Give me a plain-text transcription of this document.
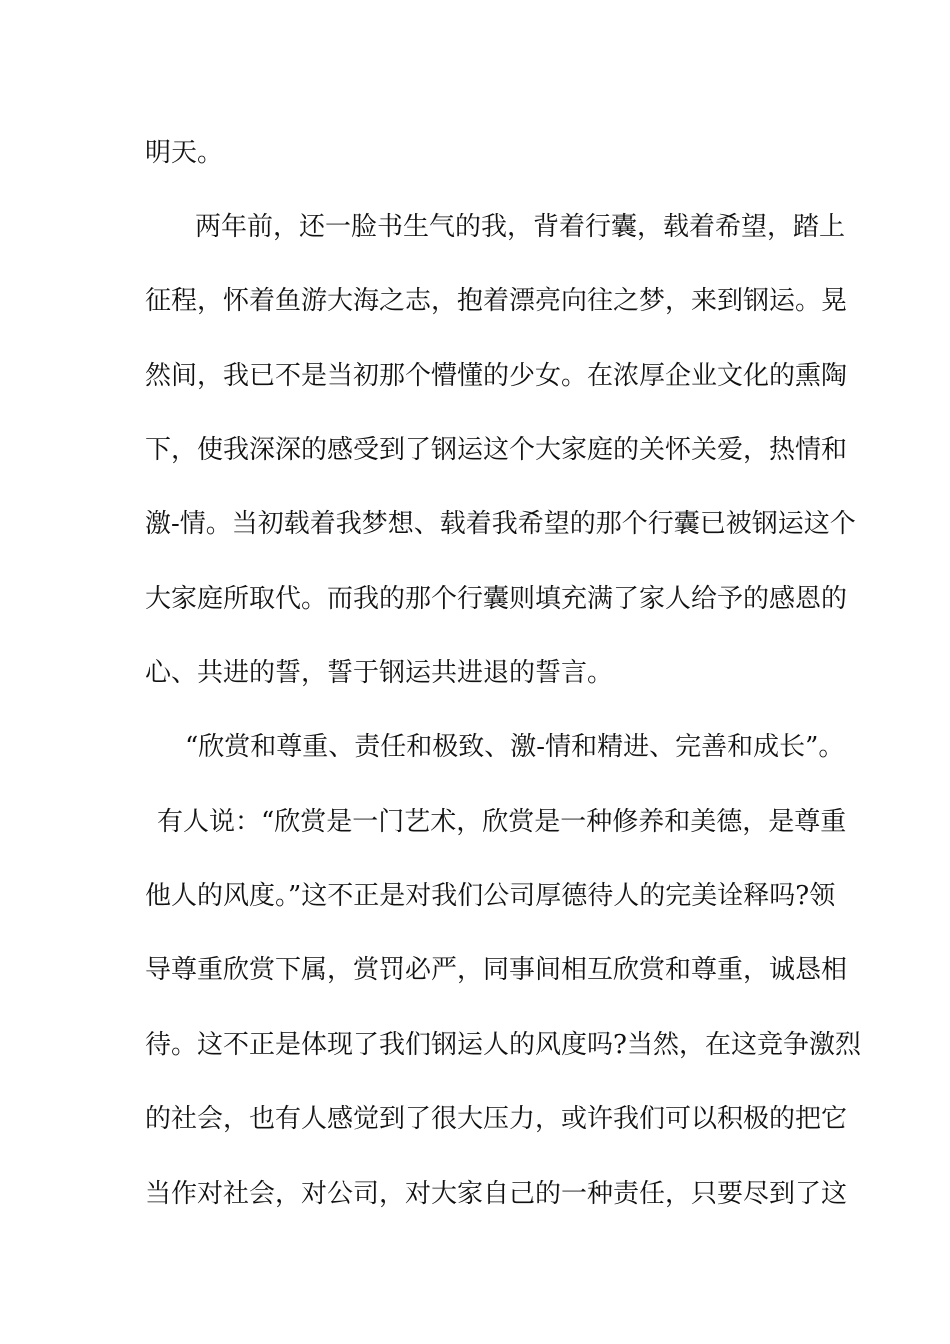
明天。

两年前，还一脸书生气的我，背着行囊，载着希望，踏上

征程，怀着鱼游大海之志，抱着漂亮向往之梦，来到钢运。晃

然间，我已不是当初那个懵懂的少女。在浓厚企业文化的熏陶

下，使我深深的感受到了钢运这个大家庭的关怀关爱，热情和

激-情。当初载着我梦想、载着我希望的那个行囊已被钢运这个

大家庭所取代。而我的那个行囊则填充满了家人给予的感恩的

心、共进的誓，誓于钢运共进退的誓言。

“欣赏和尊重、责任和极致、激-情和精进、完善和成长”。

有人说：“欣赏是一门艺术，欣赏是一种修养和美德，是尊重

他人的风度。”这不正是对我们公司厚德待人的完美诠释吗?领

导尊重欣赏下属，赏罚必严，同事间相互欣赏和尊重，诚恳相

待。这不正是体现了我们钢运人的风度吗?当然，在这竞争激烈

的社会，也有人感觉到了很大压力，或许我们可以积极的把它

当作对社会，对公司，对大家自己的一种责任，只要尽到了这
